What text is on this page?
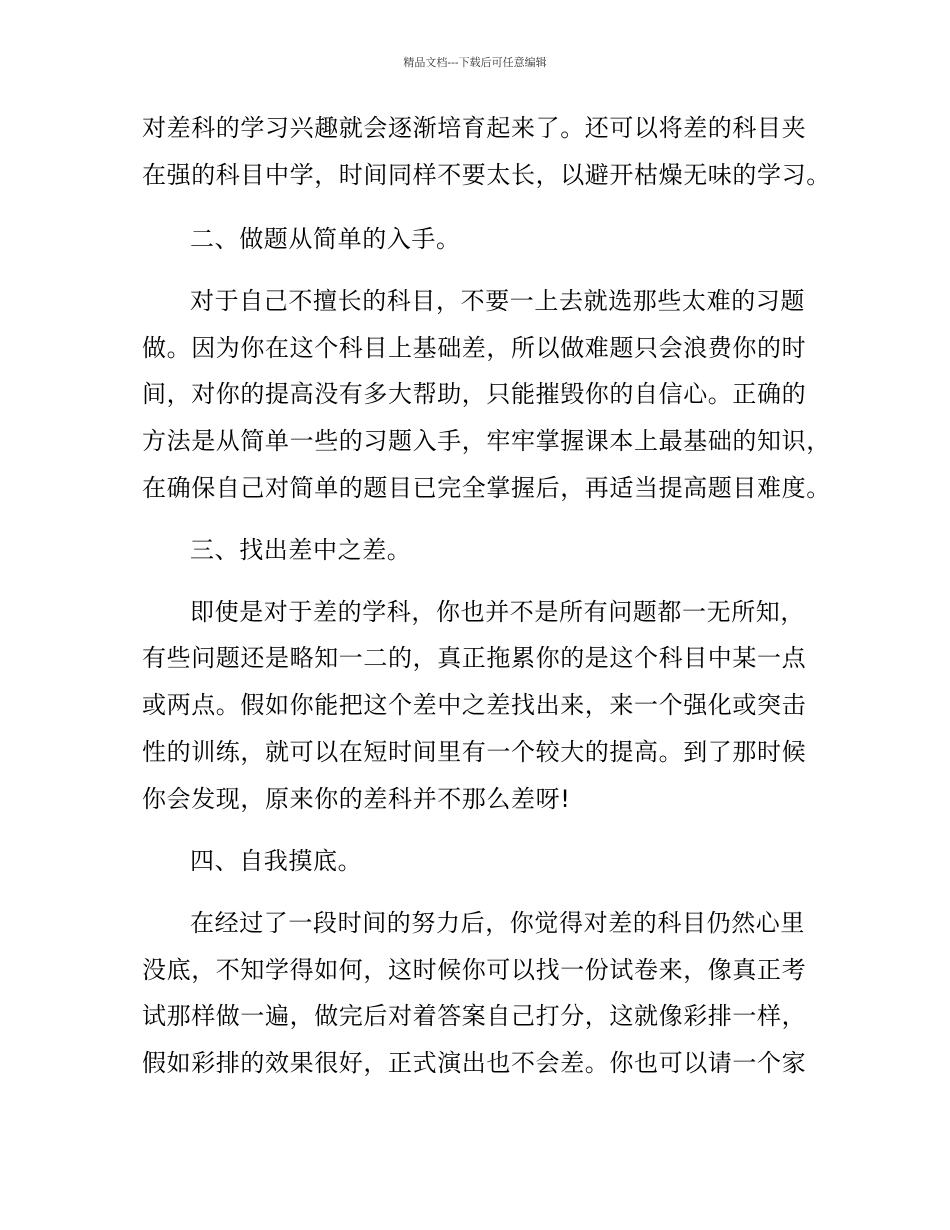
精品文档---下载后可任意编辑
对差科的学习兴趣就会逐渐培育起来了。还可以将差的科目夹
在强的科目中学，时间同样不要太长，以避开枯燥无味的学习。
二、做题从简单的入手。
对于自己不擅长的科目，不要一上去就选那些太难的习题
做。因为你在这个科目上基础差，所以做难题只会浪费你的时
间，对你的提高没有多大帮助，只能摧毁你的自信心。正确的
方法是从简单一些的习题入手，牢牢掌握课本上最基础的知识，
在确保自己对简单的题目已完全掌握后，再适当提高题目难度。
三、找出差中之差。
即使是对于差的学科，你也并不是所有问题都一无所知，
有些问题还是略知一二的，真正拖累你的是这个科目中某一点
或两点。假如你能把这个差中之差找出来，来一个强化或突击
性的训练，就可以在短时间里有一个较大的提高。到了那时候
你会发现，原来你的差科并不那么差呀!
四、自我摸底。
在经过了一段时间的努力后，你觉得对差的科目仍然心里
没底，不知学得如何，这时候你可以找一份试卷来，像真正考
试那样做一遍，做完后对着答案自己打分，这就像彩排一样，
假如彩排的效果很好，正式演出也不会差。你也可以请一个家
